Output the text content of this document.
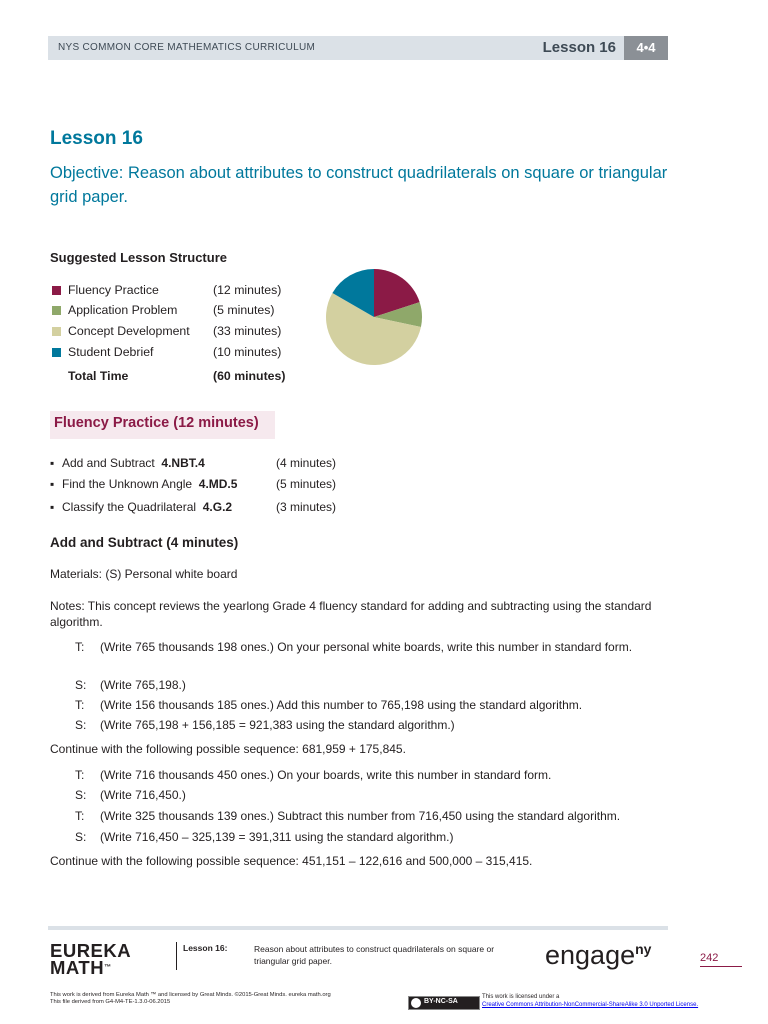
NYS COMMON CORE MATHEMATICS CURRICULUM	Lesson 16	4•4
Lesson 16
Objective: Reason about attributes to construct quadrilaterals on square or triangular grid paper.
Suggested Lesson Structure
Fluency Practice	(12 minutes)
Application Problem	(5 minutes)
Concept Development (33 minutes)
Student Debrief	(10 minutes)
Total Time	(60 minutes)
Fluency Practice (12 minutes)
▪ Add and Subtract 4.NBT.4	(4 minutes)
▪ Find the Unknown Angle 4.MD.5	(5 minutes)
▪ Classify the Quadrilateral 4.G.2	(3 minutes)
Add and Subtract (4 minutes)
Materials: (S) Personal white board
Notes: This concept reviews the yearlong Grade 4 fluency standard for adding and subtracting using the standard algorithm.
T: (Write 765 thousands 198 ones.) On your personal white boards, write this number in standard form.
S: (Write 765,198.)
T: (Write 156 thousands 185 ones.) Add this number to 765,198 using the standard algorithm.
S: (Write 765,198 + 156,185 = 921,383 using the standard algorithm.)
Continue with the following possible sequence: 681,959 + 175,845.
T: (Write 716 thousands 450 ones.) On your boards, write this number in standard form.
S: (Write 716,450.)
T: (Write 325 thousands 139 ones.) Subtract this number from 716,450 using the standard algorithm.
S: (Write 716,450 – 325,139 = 391,311 using the standard algorithm.)
Continue with the following possible sequence: 451,151 – 122,616 and 500,000 – 315,415.
EUREKA
MATH™
Lesson 16:	Reason about attributes to construct quadrilaterals on square or triangular grid paper.	engage$^{ny}$
242
This work is derived from Eureka Math ™ and licensed by Great Minds. ©2015-Great Minds. eureka math.org
This file derived from G4-M4-TE-1.3.0-06.2015	BY-NC-SA
This work is licensed under a
Creative Commons Attribution-NonCommercial-ShareAlike 3.0 Unported License.
